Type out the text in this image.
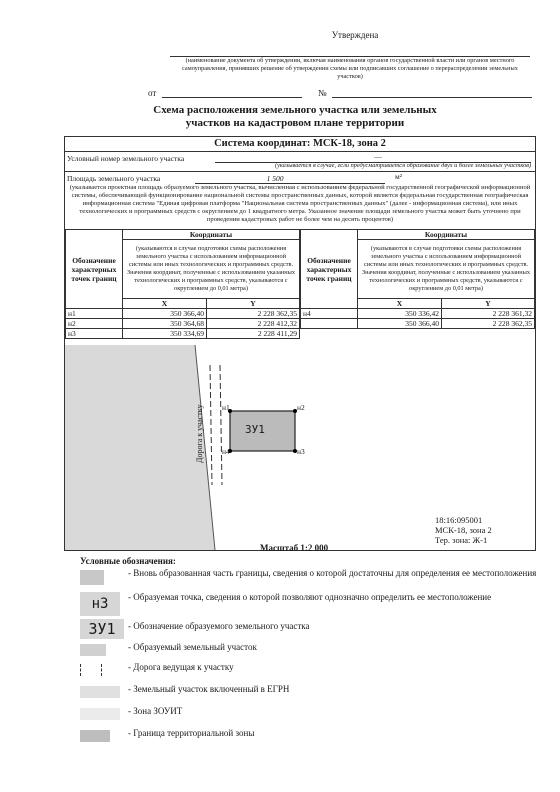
Утверждена
(наименование документа об утверждении, включая наименования органов государственной власти или органов местного самоуправления, принявших решение об утверждении схемы или подписавших соглашение о перераспределении земельных участков)
от	№
Схема расположения земельного участка или земельных участков на кадастровом плане территории
Система координат: МСК-18, зона 2
Условный номер земельного участка	—
(указывается в случае, если предусматривается образование двух и более земельных участков)
Площадь земельного участка	1 500	м²
(указывается проектная площадь образуемого земельного участка, вычисленная с использованием федеральной государственной географической информационной системы, обеспечивающей функционирование национальной системы пространственных данных, которой является федеральная государственная географическая информационная система "Единая цифровая платформа "Национальная система пространственных данных" (далее - информационная система), или иных технологических и программных средств с округлением до 1 квадратного метра. Указанное значение площади земельного участка может быть уточнено при проведении кадастровых работ не более чем на десять процентов)
Обозначение характерных точек границ	Координаты	
	(указываются в случае подготовки схемы расположения земельного участка с использованием информационной системы или иных технологических и программных средств. Значения координат, полученные с использованием указанных технологических и программных средств, указываются с округлением до 0,01 метра)	
	X	Y
н1	350 366,40	2 228 362,35
н2	350 364,68	2 228 412,32
н3	350 334,69	2 228 411,29
Обозначение характерных точек границ	Координаты	
	(указываются в случае подготовки схемы расположения земельного участка с использованием информационной системы или иных технологических и программных средств. Значения координат, полученные с использованием указанных технологических и программных средств, указываются с округлением до 0,01 метра)	
	X	Y
н4	350 336,42	2 228 361,32
	350 366,40	2 228 362,35
Дорога к участку	ЗУ1
н1	н2
н3
н4
18:16:095001
МСК-18, зона 2
Тер. зона: Ж-1
Масштаб 1:2 000
Условные обозначения:
- Вновь образованная часть границы, сведения о которой достаточны для определения ее местоположения
н3	- Образуемая точка, сведения о которой позволяют однозначно определить ее местоположение
ЗУ1	- Обозначение образуемого земельного участка
- Образуемый земельный участок
- Дорога ведущая к участку
- Земельный участок включенный в ЕГРН
- Зона ЗОУИТ
- Граница территориальной зоны
